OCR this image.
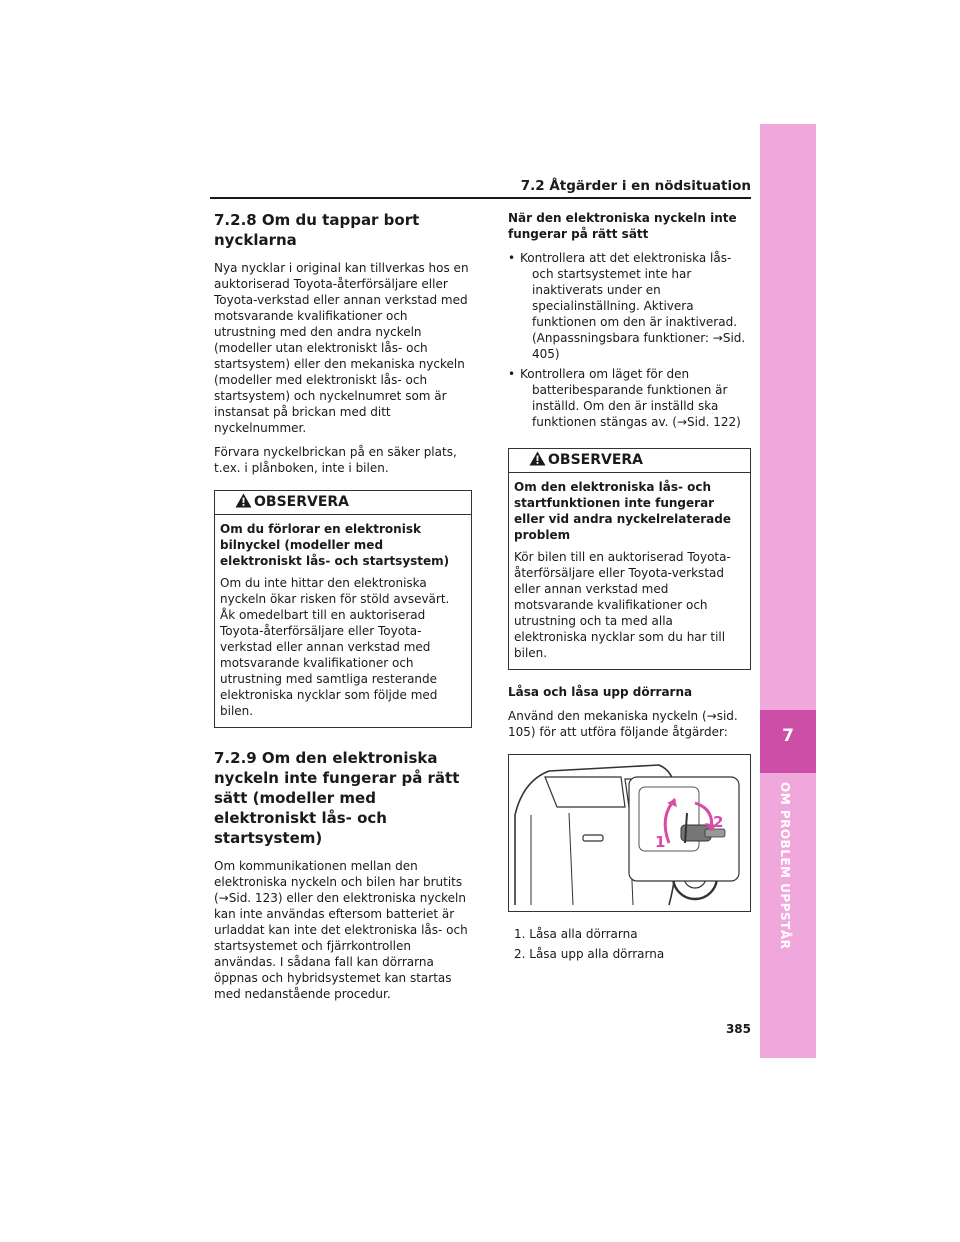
7.2 Åtgärder i en nödsituation
7
OM PROBLEM UPPSTÅR
7.2.8 Om du tappar bort nycklarna

Nya nycklar i original kan tillverkas hos en auktoriserad Toyota-återförsäljare eller Toyota-verkstad eller annan verkstad med motsvarande kvalifikationer och utrustning med den andra nyckeln (modeller utan elektroniskt lås- och startsystem) eller den mekaniska nyckeln (modeller med elektroniskt lås- och startsystem) och nyckelnumret som är instansat på brickan med ditt nyckelnummer.

Förvara nyckelbrickan på en säker plats, t.ex. i plånboken, inte i bilen.

OBSERVERA

Om du förlorar en elektronisk bilnyckel (modeller med elektroniskt lås- och startsystem)

Om du inte hittar den elektroniska nyckeln ökar risken för stöld avsevärt. Åk omedelbart till en auktoriserad Toyota-återförsäljare eller Toyota-verkstad eller annan verkstad med motsvarande kvalifikationer och utrustning med samtliga resterande elektroniska nycklar som följde med bilen.

7.2.9 Om den elektroniska nyckeln inte fungerar på rätt sätt (modeller med elektroniskt lås- och startsystem)

Om kommunikationen mellan den elektroniska nyckeln och bilen har brutits (→Sid. 123) eller den elektroniska nyckeln kan inte användas eftersom batteriet är urladdat kan inte det elektroniska lås- och startsystemet och fjärrkontrollen användas. I sådana fall kan dörrarna öppnas och hybridsystemet kan startas med nedanstående procedur.

När den elektroniska nyckeln inte fungerar på rätt sätt

• Kontrollera att det elektroniska lås-
och startsystemet inte har inaktiverats under en specialinställning. Aktivera funktionen om den är inaktiverad. (Anpassningsbara funktioner: →Sid. 405)
• Kontrollera om läget för den
batteribesparande funktionen är inställd. Om den är inställd ska funktionen stängas av. (→Sid. 122)
OBSERVERA

Om den elektroniska lås- och startfunktionen inte fungerar eller vid andra nyckelrelaterade problem

Kör bilen till en auktoriserad Toyota-återförsäljare eller Toyota-verkstad eller annan verkstad med motsvarande kvalifikationer och utrustning och ta med alla elektroniska nycklar som du har till bilen.

Låsa och låsa upp dörrarna

Använd den mekaniska nyckeln (→sid. 105) för att utföra följande åtgärder:

1
2
1. Låsa alla dörrarna
2. Låsa upp alla dörrarna
385
